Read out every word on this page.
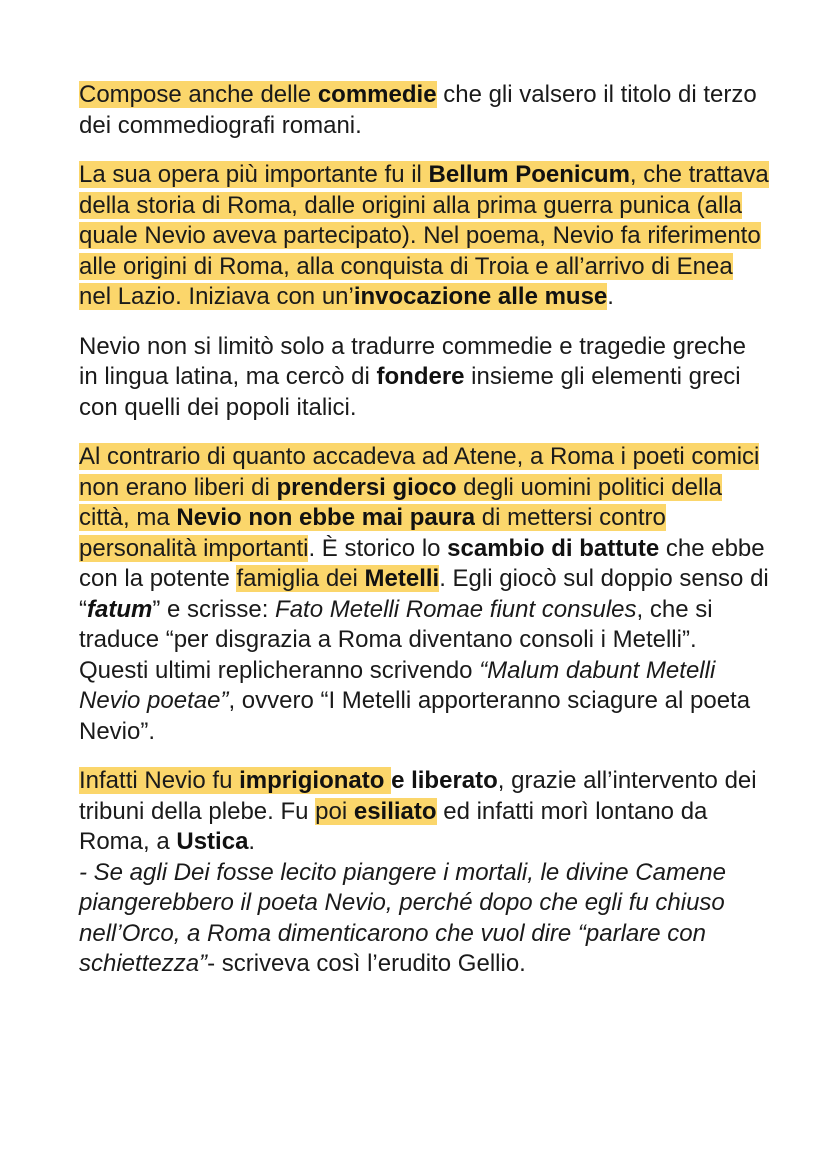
Compose anche delle commedie che gli valsero il titolo di terzo dei commediografi romani.

La sua opera più importante fu il Bellum Poenicum, che trattava della storia di Roma, dalle origini alla prima guerra punica (alla quale Nevio aveva partecipato). Nel poema, Nevio fa riferimento alle origini di Roma, alla conquista di Troia e all’arrivo di Enea nel Lazio. Iniziava con un’invocazione alle muse.

Nevio non si limitò solo a tradurre commedie e tragedie greche in lingua latina, ma cercò di fondere insieme gli elementi greci con quelli dei popoli italici.

Al contrario di quanto accadeva ad Atene, a Roma i poeti comici non erano liberi di prendersi gioco degli uomini politici della città, ma Nevio non ebbe mai paura di mettersi contro personalità importanti. È storico lo scambio di battute che ebbe con la potente famiglia dei Metelli. Egli giocò sul doppio senso di “fatum” e scrisse: Fato Metelli Romae fiunt consules, che si traduce “per disgrazia a Roma diventano consoli i Metelli”.
Questi ultimi replicheranno scrivendo “Malum dabunt Metelli Nevio poetae”, ovvero “I Metelli apporteranno sciagure al poeta Nevio”.

Infatti Nevio fu imprigionato e liberato, grazie all’intervento dei tribuni della plebe. Fu poi esiliato ed infatti morì lontano da Roma, a Ustica.
- Se agli Dei fosse lecito piangere i mortali, le divine Camene piangerebbero il poeta Nevio, perché dopo che egli fu chiuso nell’Orco, a Roma dimenticarono che vuol dire “parlare con schiettezza”- scriveva così l’erudito Gellio.
